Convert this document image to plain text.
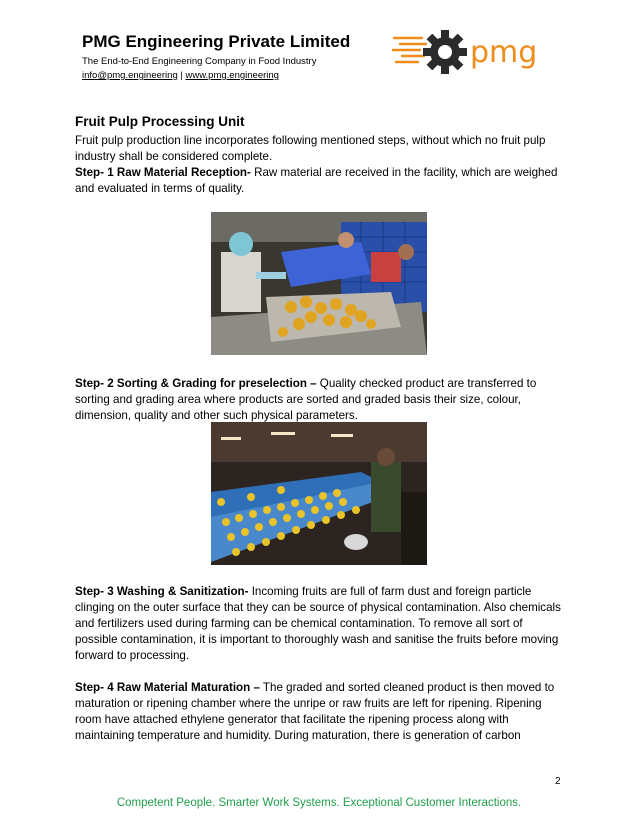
PMG Engineering Private Limited
The End-to-End Engineering Company in Food Industry
info@pmg.engineering | www.pmg.engineering
pmg
Fruit Pulp Processing Unit
Fruit pulp production line incorporates following mentioned steps, without which no fruit pulp industry shall be considered complete.
Step- 1 Raw Material Reception- Raw material are received in the facility, which are weighed and evaluated in terms of quality.
Step- 2 Sorting & Grading for preselection – Quality checked product are transferred to sorting and grading area where products are sorted and graded basis their size, colour, dimension, quality and other such physical parameters.
Step- 3 Washing & Sanitization- Incoming fruits are full of farm dust and foreign particle clinging on the outer surface that they can be source of physical contamination. Also chemicals and fertilizers used during farming can be chemical contamination. To remove all sort of possible contamination, it is important to thoroughly wash and sanitise the fruits before moving forward to processing.
Step- 4 Raw Material Maturation – The graded and sorted cleaned product is then moved to maturation or ripening chamber where the unripe or raw fruits are left for ripening. Ripening room have attached ethylene generator that facilitate the ripening process along with maintaining temperature and humidity. During maturation, there is generation of carbon
2
Competent People. Smarter Work Systems. Exceptional Customer Interactions.
